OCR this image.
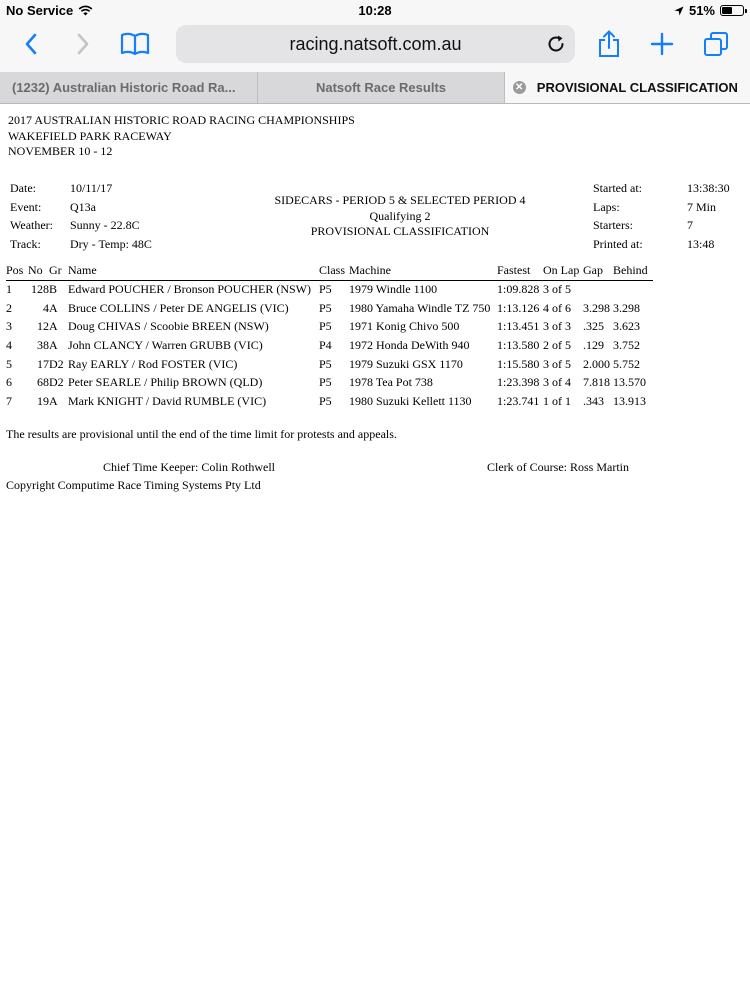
No Service	10:28	51%
racing.natsoft.com.au
(1232) Australian Historic Road Ra...	Natsoft Race Results	✕	PROVISIONAL CLASSIFICATION
2017 AUSTRALIAN HISTORIC ROAD RACING CHAMPIONSHIPS
WAKEFIELD PARK RACEWAY
NOVEMBER 10 - 12
Date:	10/11/17
Event:	Q13a
Weather:	Sunny - 22.8C
Track:	Dry - Temp: 48C
SIDECARS - PERIOD 5 & SELECTED PERIOD 4
Qualifying 2
PROVISIONAL CLASSIFICATION
Started at:	13:38:30
Laps:	7 Min
Starters:	7
Printed at:	13:48
Pos	No	Gr	Name	Class	Machine	Fastest	On Lap	Gap	Behind
1	128	B	Edward POUCHER / Bronson POUCHER (NSW)	P5	1979 Windle 1100	1:09.828	3 of 5		
2	4	A	Bruce COLLINS / Peter DE ANGELIS (VIC)	P5	1980 Yamaha Windle TZ 750	1:13.126	4 of 6	3.298	3.298
3	12	A	Doug CHIVAS / Scoobie BREEN (NSW)	P5	1971 Konig Chivo 500	1:13.451	3 of 3	.325	3.623
4	38	A	John CLANCY / Warren GRUBB (VIC)	P4	1972 Honda DeWith 940	1:13.580	2 of 5	.129	3.752
5	17	D2	Ray EARLY / Rod FOSTER (VIC)	P5	1979 Suzuki GSX 1170	1:15.580	3 of 5	2.000	5.752
6	68	D2	Peter SEARLE / Philip BROWN (QLD)	P5	1978 Tea Pot 738	1:23.398	3 of 4	7.818	13.570
7	19	A	Mark KNIGHT / David RUMBLE (VIC)	P5	1980 Suzuki Kellett 1130	1:23.741	1 of 1	.343	13.913
The results are provisional until the end of the time limit for protests and appeals.
Chief Time Keeper: Colin Rothwell	Clerk of Course: Ross Martin
Copyright Computime Race Timing Systems Pty Ltd
